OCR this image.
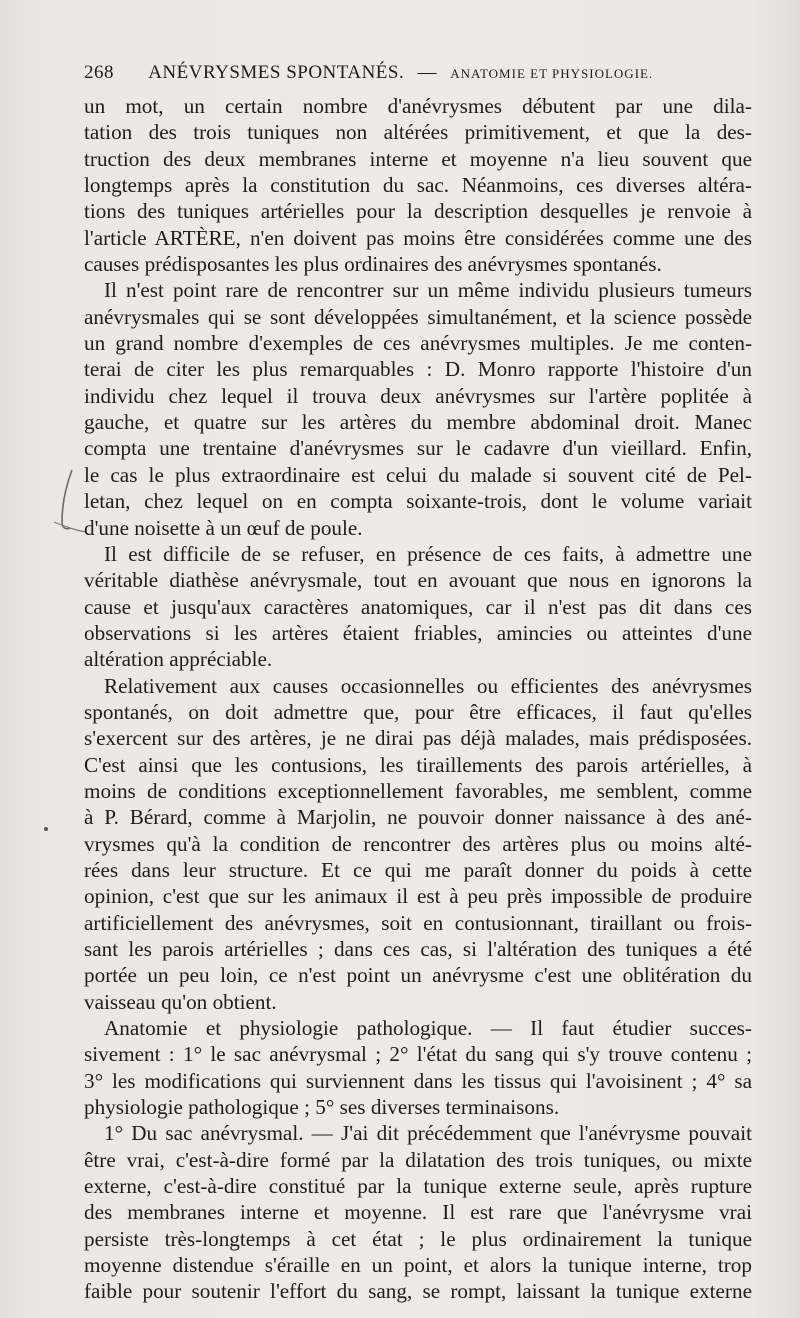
268 ANÉVRYSMES SPONTANÉS. — ANATOMIE ET PHYSIOLOGIE.
un mot, un certain nombre d'anévrysmes débutent par une dila-
tation des trois tuniques non altérées primitivement, et que la des-
truction des deux membranes interne et moyenne n'a lieu souvent que
longtemps après la constitution du sac. Néanmoins, ces diverses altéra-
tions des tuniques artérielles pour la description desquelles je renvoie à
l'article ARTÈRE, n'en doivent pas moins être considérées comme une des
causes prédisposantes les plus ordinaires des anévrysmes spontanés.
Il n'est point rare de rencontrer sur un même individu plusieurs tumeurs
anévrysmales qui se sont développées simultanément, et la science possède
un grand nombre d'exemples de ces anévrysmes multiples. Je me conten-
terai de citer les plus remarquables : D. Monro rapporte l'histoire d'un
individu chez lequel il trouva deux anévrysmes sur l'artère poplitée à
gauche, et quatre sur les artères du membre abdominal droit. Manec
compta une trentaine d'anévrysmes sur le cadavre d'un vieillard. Enfin,
le cas le plus extraordinaire est celui du malade si souvent cité de Pel-
letan, chez lequel on en compta soixante-trois, dont le volume variait
d'une noisette à un œuf de poule.
Il est difficile de se refuser, en présence de ces faits, à admettre une
véritable diathèse anévrysmale, tout en avouant que nous en ignorons la
cause et jusqu'aux caractères anatomiques, car il n'est pas dit dans ces
observations si les artères étaient friables, amincies ou atteintes d'une
altération appréciable.
Relativement aux causes occasionnelles ou efficientes des anévrysmes
spontanés, on doit admettre que, pour être efficaces, il faut qu'elles
s'exercent sur des artères, je ne dirai pas déjà malades, mais prédisposées.
C'est ainsi que les contusions, les tiraillements des parois artérielles, à
moins de conditions exceptionnellement favorables, me semblent, comme
à P. Bérard, comme à Marjolin, ne pouvoir donner naissance à des ané-
vrysmes qu'à la condition de rencontrer des artères plus ou moins alté-
rées dans leur structure. Et ce qui me paraît donner du poids à cette
opinion, c'est que sur les animaux il est à peu près impossible de produire
artificiellement des anévrysmes, soit en contusionnant, tiraillant ou frois-
sant les parois artérielles ; dans ces cas, si l'altération des tuniques a été
portée un peu loin, ce n'est point un anévrysme c'est une oblitération du
vaisseau qu'on obtient.
Anatomie et physiologie pathologique. — Il faut étudier succes-
sivement : 1° le sac anévrysmal ; 2° l'état du sang qui s'y trouve contenu ;
3° les modifications qui surviennent dans les tissus qui l'avoisinent ; 4° sa
physiologie pathologique ; 5° ses diverses terminaisons.
1° Du sac anévrysmal. — J'ai dit précédemment que l'anévrysme pouvait
être vrai, c'est-à-dire formé par la dilatation des trois tuniques, ou mixte
externe, c'est-à-dire constitué par la tunique externe seule, après rupture
des membranes interne et moyenne. Il est rare que l'anévrysme vrai
persiste très-longtemps à cet état ; le plus ordinairement la tunique
moyenne distendue s'éraille en un point, et alors la tunique interne, trop
faible pour soutenir l'effort du sang, se rompt, laissant la tunique externe
